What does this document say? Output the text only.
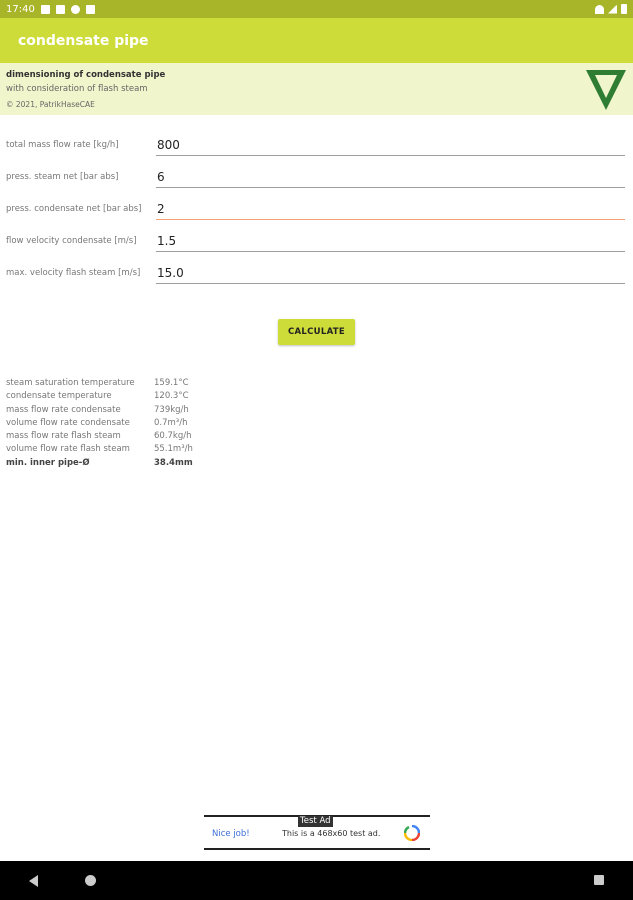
17:40
condensate pipe
dimensioning of condensate pipe
with consideration of flash steam
© 2021, PatrikHaseCAE
total mass flow rate [kg/h]
800
press. steam net [bar abs]
6
press. condensate net [bar abs]
2
flow velocity condensate [m/s]
1.5
max. velocity flash steam [m/s]
15.0
CALCULATE
steam saturation temperature	159.1°C
condensate temperature	120.3°C
mass flow rate condensate	739kg/h
volume flow rate condensate	0.7m³/h
mass flow rate flash steam	60.7kg/h
volume flow rate flash steam	55.1m³/h
min. inner pipe-Ø	38.4mm
Test Ad
Nice job!	This is a 468x60 test ad.
